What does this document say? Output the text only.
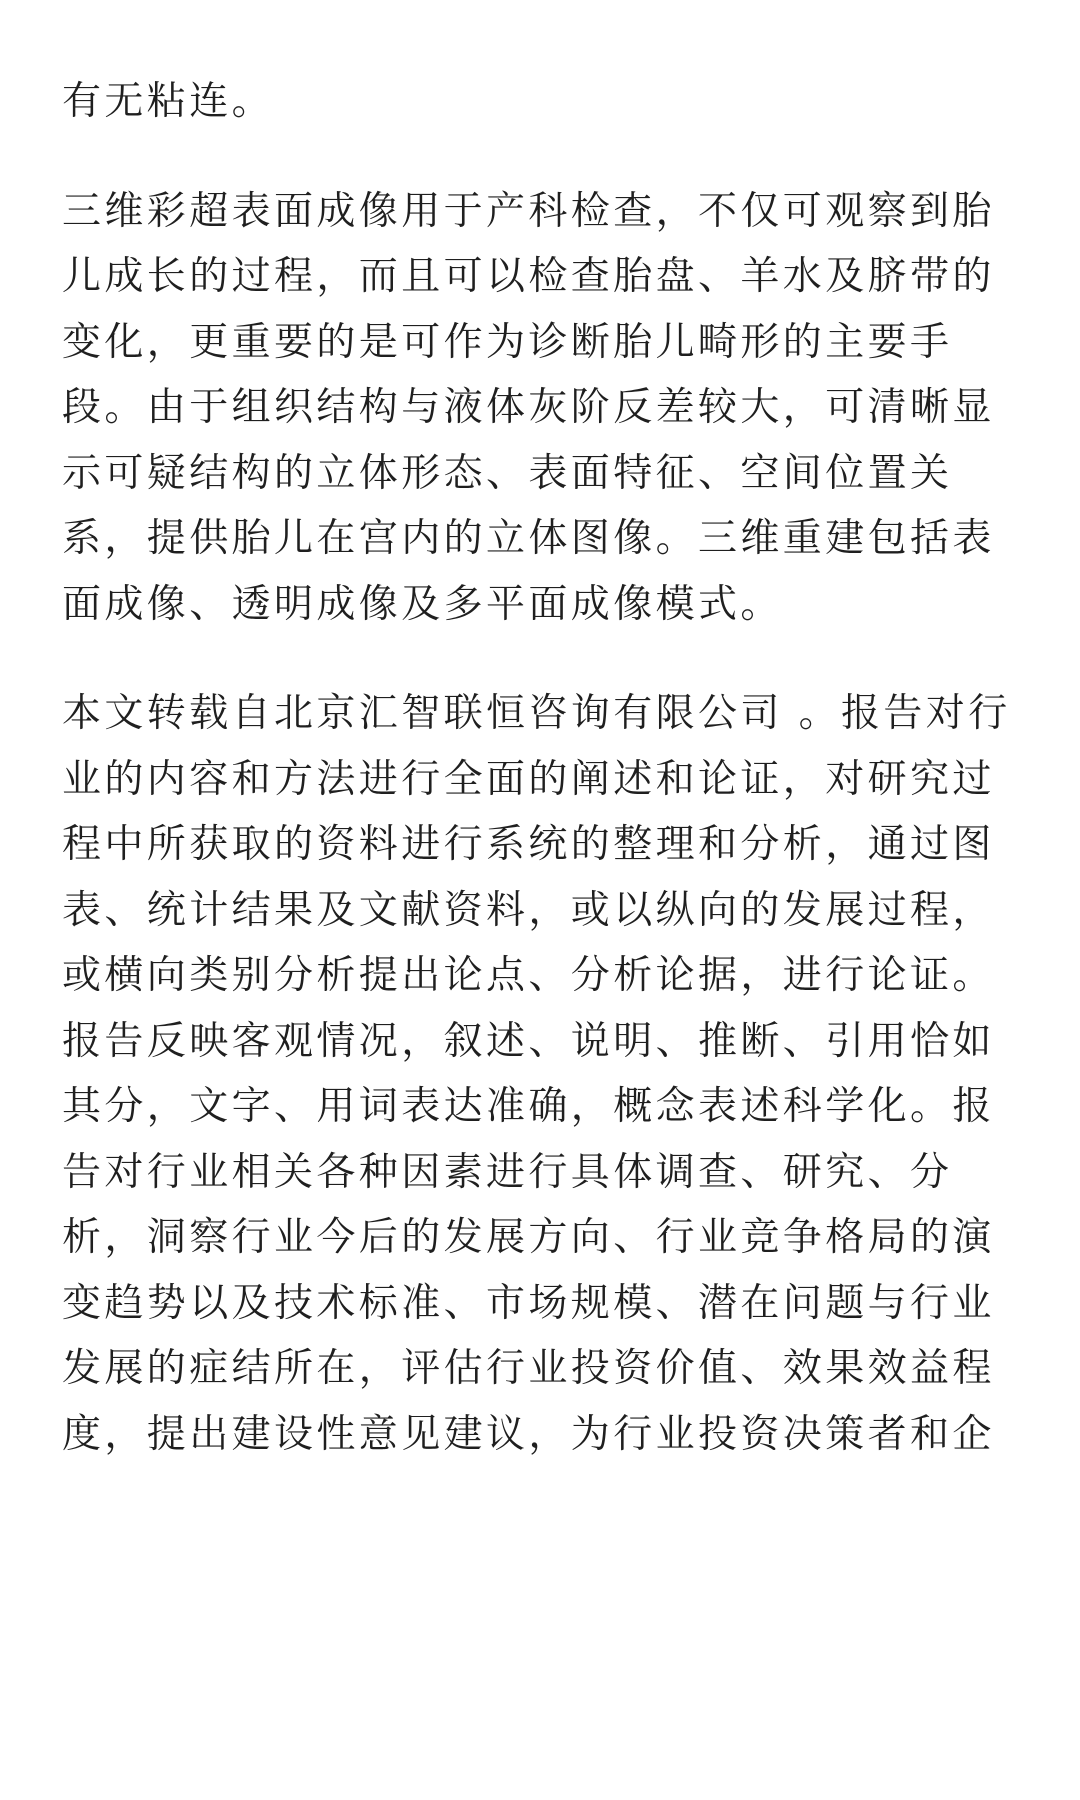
有无粘连。

三维彩超表面成像用于产科检查，不仅可观察到胎
儿成长的过程，而且可以检查胎盘、羊水及脐带的
变化，更重要的是可作为诊断胎儿畸形的主要手
段。由于组织结构与液体灰阶反差较大，可清晰显
示可疑结构的立体形态、表面特征、空间位置关
系，提供胎儿在宫内的立体图像。三维重建包括表
面成像、透明成像及多平面成像模式。

本文转载自北京汇智联恒咨询有限公司 。报告对行
业的内容和方法进行全面的阐述和论证，对研究过
程中所获取的资料进行系统的整理和分析，通过图
表、统计结果及文献资料，或以纵向的发展过程，
或横向类别分析提出论点、分析论据，进行论证。
报告反映客观情况，叙述、说明、推断、引用恰如
其分，文字、用词表达准确，概念表述科学化。报
告对行业相关各种因素进行具体调查、研究、分
析，洞察行业今后的发展方向、行业竞争格局的演
变趋势以及技术标准、市场规模、潜在问题与行业
发展的症结所在，评估行业投资价值、效果效益程
度，提出建设性意见建议，为行业投资决策者和企
